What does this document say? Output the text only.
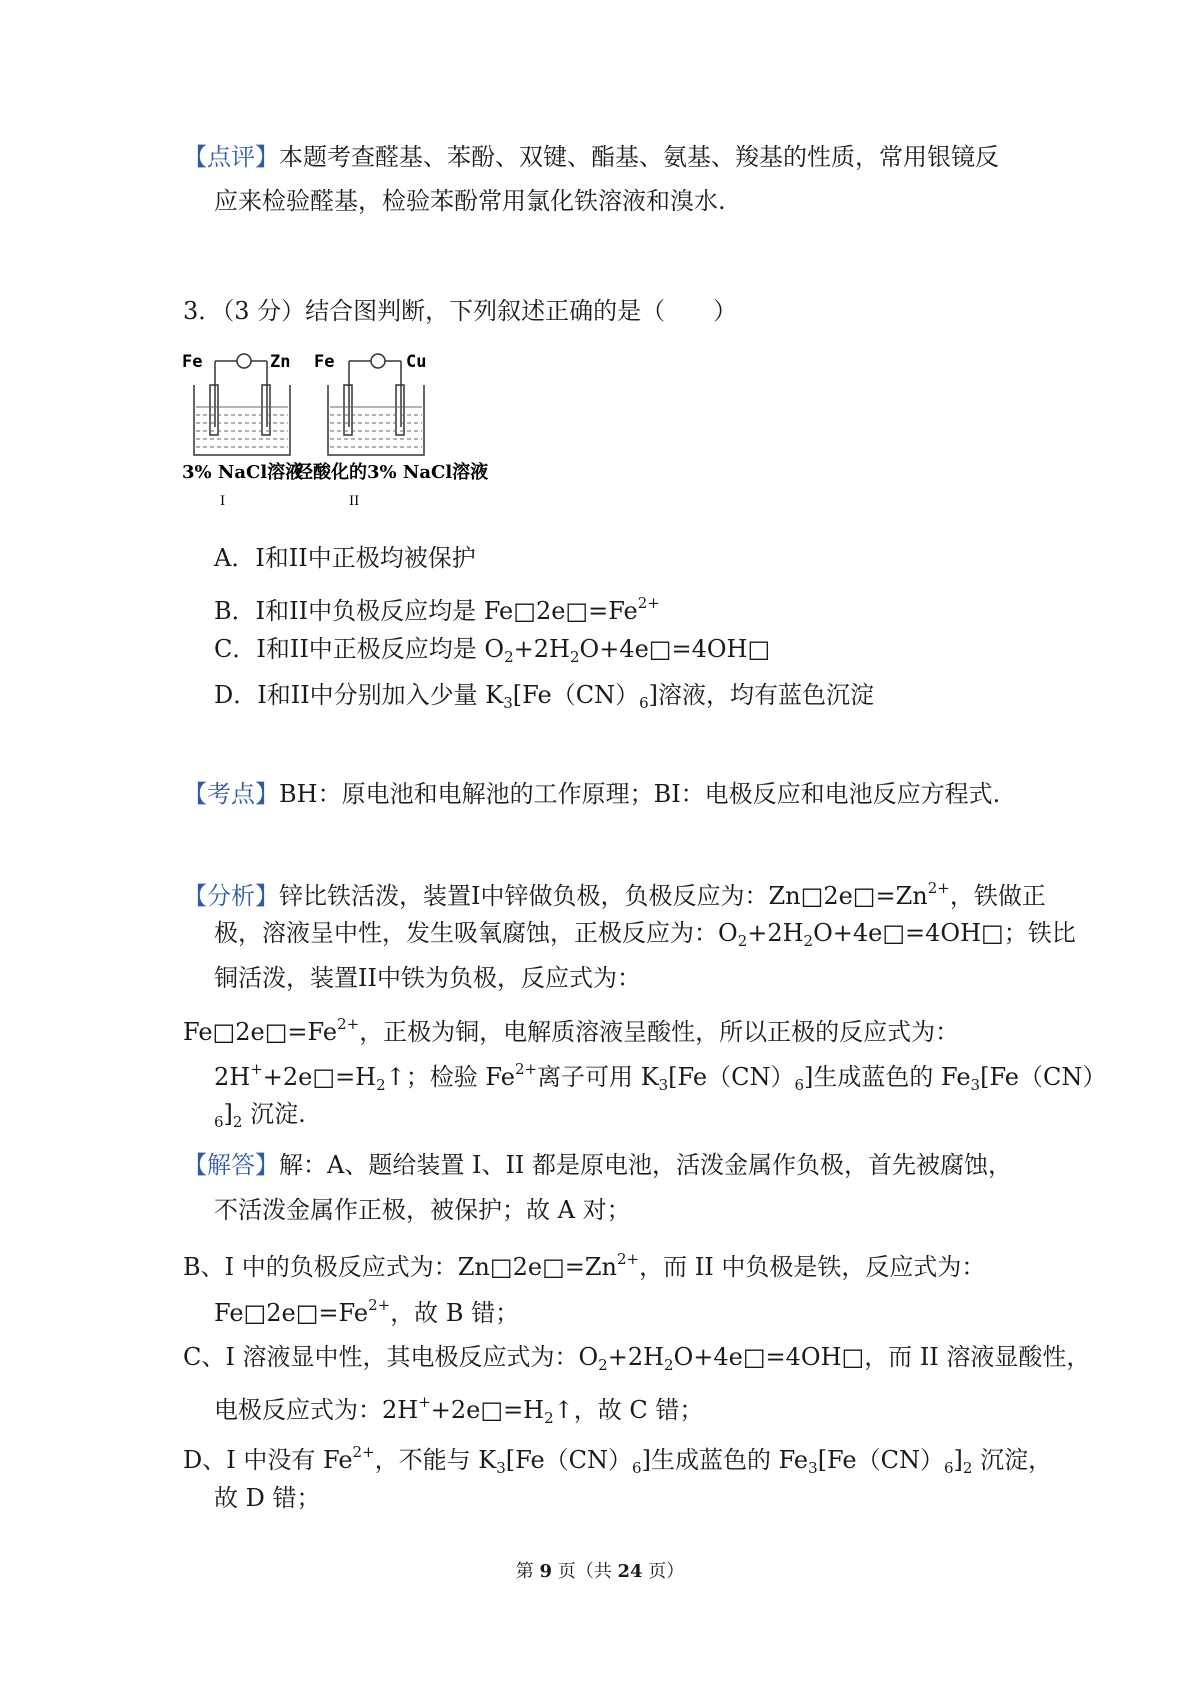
【点评】本题考查醛基、苯酚、双键、酯基、氨基、羧基的性质，常用银镜反
应来检验醛基，检验苯酚常用氯化铁溶液和溴水.
3．（3 分）结合图判断，下列叙述正确的是（　　）
Fe	Zn Fe	Cu
3% NaCl溶液
经酸化的3% NaCl溶液
I	II
A．I和II中正极均被保护
B．I和II中负极反应均是 $Fe□2e□=Fe^{2+}$
C．I和II中正极反应均是 $O_2+2H_2O+4e□=4OH□$
D．I和II中分别加入少量 $K_3[Fe(CN)_6]$溶液，均有蓝色沉淀
【考点】BH：原电池和电解池的工作原理；BI：电极反应和电池反应方程式.
【分析】锌比铁活泼，装置I中锌做负极，负极反应为：$Zn□2e□=Zn^{2+}$，铁做正
极，溶液呈中性，发生吸氧腐蚀，正极反应为：$O_2+2H_2O+4e□=4OH□$；铁比
铜活泼，装置II中铁为负极，反应式为：
$Fe□2e□=Fe^{2+}$，正极为铜，电解质溶液呈酸性，所以正极的反应式为：
$2H^++2e□=H_2↑$；检验 $Fe^{2+}$离子可用 $K_3[Fe(CN)_6]$生成蓝色的 $Fe_3[Fe(CN)$
$_6]_2$ 沉淀.
【解答】解：A、题给装置 I、II 都是原电池，活泼金属作负极，首先被腐蚀，
不活泼金属作正极，被保护；故 A 对；
B、I 中的负极反应式为：$Zn□2e□=Zn^{2+}$，而 II 中负极是铁，反应式为：
$Fe□2e□=Fe^{2+}$，故 B 错；
C、I 溶液显中性，其电极反应式为：$O_2+2H_2O+4e□=4OH□$，而 II 溶液显酸性，
电极反应式为：$2H^++2e□=H_2↑$，故 C 错；
D、I 中没有 $Fe^{2+}$，不能与 $K_3[Fe(CN)_6]$生成蓝色的 $Fe_3[Fe(CN)_6]_2$ 沉淀，
故 D 错；
第 9 页（共 24 页）
